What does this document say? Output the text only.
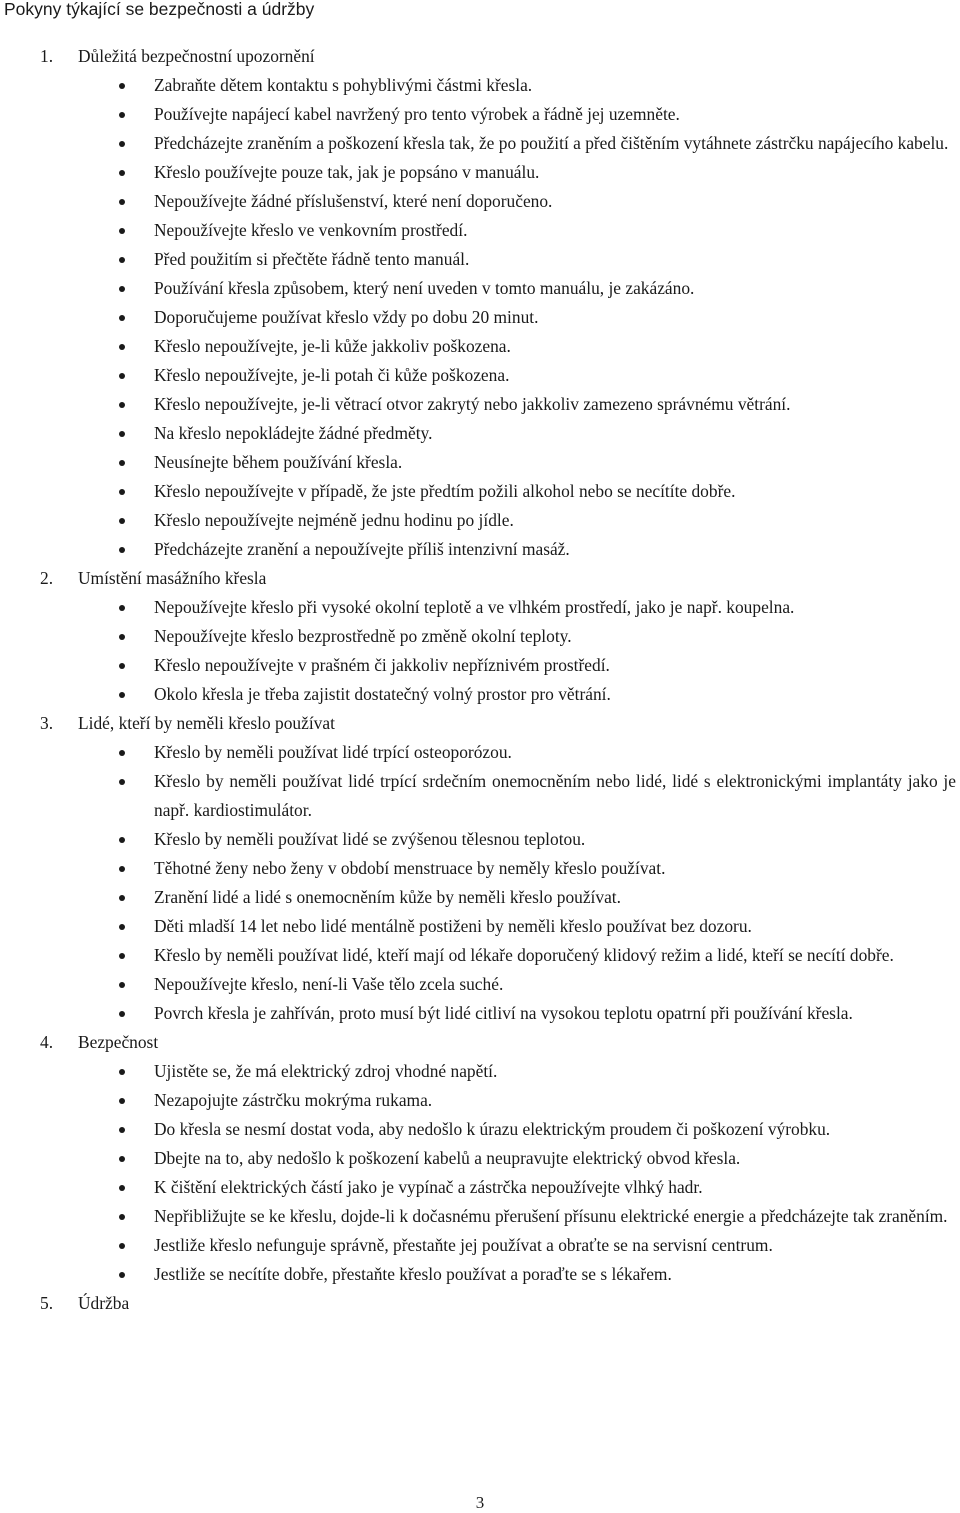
Pokyny týkající se bezpečnosti a údržby
1. Důležitá bezpečnostní upozornění
Zabraňte dětem kontaktu s pohyblivými částmi křesla.
Používejte napájecí kabel navržený pro tento výrobek a řádně jej uzemněte.
Předcházejte zraněním a poškození křesla tak, že po použití a před čištěním vytáhnete zástrčku napájecího kabelu.
Křeslo používejte pouze tak, jak je popsáno v manuálu.
Nepoužívejte žádné příslušenství, které není doporučeno.
Nepoužívejte křeslo ve venkovním prostředí.
Před použitím si přečtěte řádně tento manuál.
Používání křesla způsobem, který není uveden v tomto manuálu, je zakázáno.
Doporučujeme používat křeslo vždy po dobu 20 minut.
Křeslo nepoužívejte, je-li kůže jakkoliv poškozena.
Křeslo nepoužívejte, je-li potah či kůže poškozena.
Křeslo nepoužívejte, je-li větrací otvor zakrytý nebo jakkoliv zamezeno správnému větrání.
Na křeslo nepokládejte žádné předměty.
Neusínejte během používání křesla.
Křeslo nepoužívejte v případě, že jste předtím požili alkohol nebo se necítíte dobře.
Křeslo nepoužívejte nejméně jednu hodinu po jídle.
Předcházejte zranění a nepoužívejte příliš intenzivní masáž.
2. Umístění masážního křesla
Nepoužívejte křeslo při vysoké okolní teplotě a ve vlhkém prostředí, jako je např. koupelna.
Nepoužívejte křeslo bezprostředně po změně okolní teploty.
Křeslo nepoužívejte v prašném či jakkoliv nepříznivém prostředí.
Okolo křesla je třeba zajistit dostatečný volný prostor pro větrání.
3. Lidé, kteří by neměli křeslo používat
Křeslo by neměli používat lidé trpící osteoporózou.
Křeslo by neměli používat lidé trpící srdečním onemocněním nebo lidé, lidé s elektronickými implantáty jako je např. kardiostimulátor.
Křeslo by neměli používat lidé se zvýšenou tělesnou teplotou.
Těhotné ženy nebo ženy v období menstruace by neměly křeslo používat.
Zranění lidé a lidé s onemocněním kůže by neměli křeslo používat.
Děti mladší 14 let nebo lidé mentálně postiženi by neměli křeslo používat bez dozoru.
Křeslo by neměli používat lidé, kteří mají od lékaře doporučený klidový režim a lidé, kteří se necítí dobře.
Nepoužívejte křeslo, není-li Vaše tělo zcela suché.
Povrch křesla je zahříván, proto musí být lidé citliví na vysokou teplotu opatrní při používání křesla.
4. Bezpečnost
Ujistěte se, že má elektrický zdroj vhodné napětí.
Nezapojujte zástrčku mokrýma rukama.
Do křesla se nesmí dostat voda, aby nedošlo k úrazu elektrickým proudem či poškození výrobku.
Dbejte na to, aby nedošlo k poškození kabelů a neupravujte elektrický obvod křesla.
K čištění elektrických částí jako je vypínač a zástrčka nepoužívejte vlhký hadr.
Nepřibližujte se ke křeslu, dojde-li k dočasnému přerušení přísunu elektrické energie a předcházejte tak zraněním.
Jestliže křeslo nefunguje správně, přestaňte jej používat a obraťte se na servisní centrum.
Jestliže se necítíte dobře, přestaňte křeslo používat a poraďte se s lékařem.
5. Údržba
3
